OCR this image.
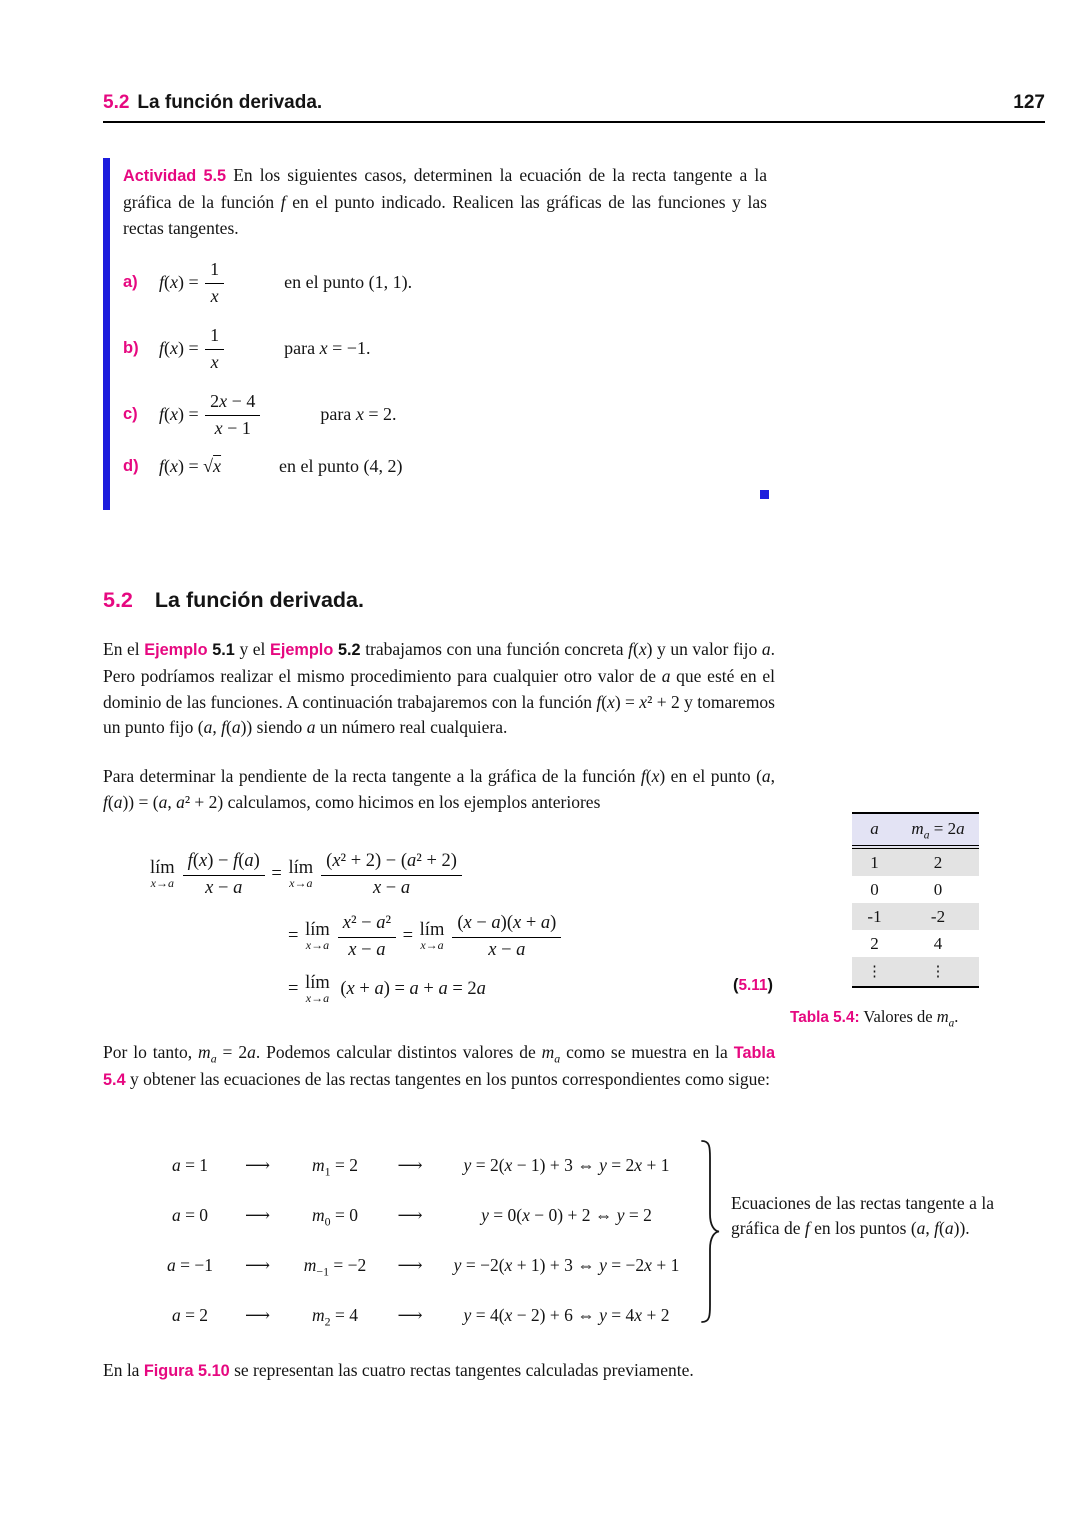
5.2 La función derivada.	127
Actividad 5.5 En los siguientes casos, determinen la ecuación de la recta tangente a la gráfica de la función f en el punto indicado. Realicen las gráficas de las funciones y las rectas tangentes.
a)	$f(x) = \frac{1}{x}$	en el punto (1, 1).
b)	$f(x) = \frac{1}{x}$	para x = −1.
c)	$f(x) = \frac{2x - 4}{x - 1}$	para x = 2.
d)	f(x) = √x	en el punto (4, 2)
5.2 La función derivada.
En el Ejemplo 5.1 y el Ejemplo 5.2 trabajamos con una función concreta f(x) y un valor fijo a. Pero podríamos realizar el mismo procedimiento para cualquier otro valor de a que esté en el dominio de las funciones. A continuación trabajaremos con la función f(x) = x² + 2 y tomaremos un punto fijo (a, f(a)) siendo a un número real cualquiera.
Para determinar la pendiente de la recta tangente a la gráfica de la función f(x) en el punto (a, f(a)) = (a, a² + 2) calculamos, como hicimos en los ejemplos anteriores
lím
$x\to a \frac{f(x) - f(a)}{x - a}$ = lím
$x\to a \frac{\text{(x² + 2) − (a² + 2)}}{x - a}$
= lím
$x\to a \frac{\text{x² − a²}}{x - a}$ = lím
$x\to a \frac{(x - a)(x + a)}{x - a}$
= lím
x→a (x + a) = a + a = 2a	(5.11)
a	$m_a = 2a$
1	2
0	0
-1	-2
2	4
⋮	⋮
Tabla 5.4: Valores de $m_a$.
Por lo tanto, $m_a = 2a$. Podemos calcular distintos valores de $m_a$ como se muestra en la Tabla 5.4 y obtener las ecuaciones de las rectas tangentes en los puntos correspondientes como sigue:
a = 1	⟶	$m_1 = 2$	⟶	y = 2(x − 1) + 3 ⇔ y = 2x + 1
a = 0	⟶	$m_0 = 0$	⟶	y = 0(x − 0) + 2 ⇔ y = 2
a = −1	⟶	$m_{-1} = -2$	⟶	y = −2(x + 1) + 3 ⇔ y = −2x + 1
a = 2	⟶	$m_2 = 4$	⟶	y = 4(x − 2) + 6 ⇔ y = 4x + 2
Ecuaciones de las rectas tangente a la gráfica de f en los puntos (a, f(a)).
En la Figura 5.10 se representan las cuatro rectas tangentes calculadas previamente.
